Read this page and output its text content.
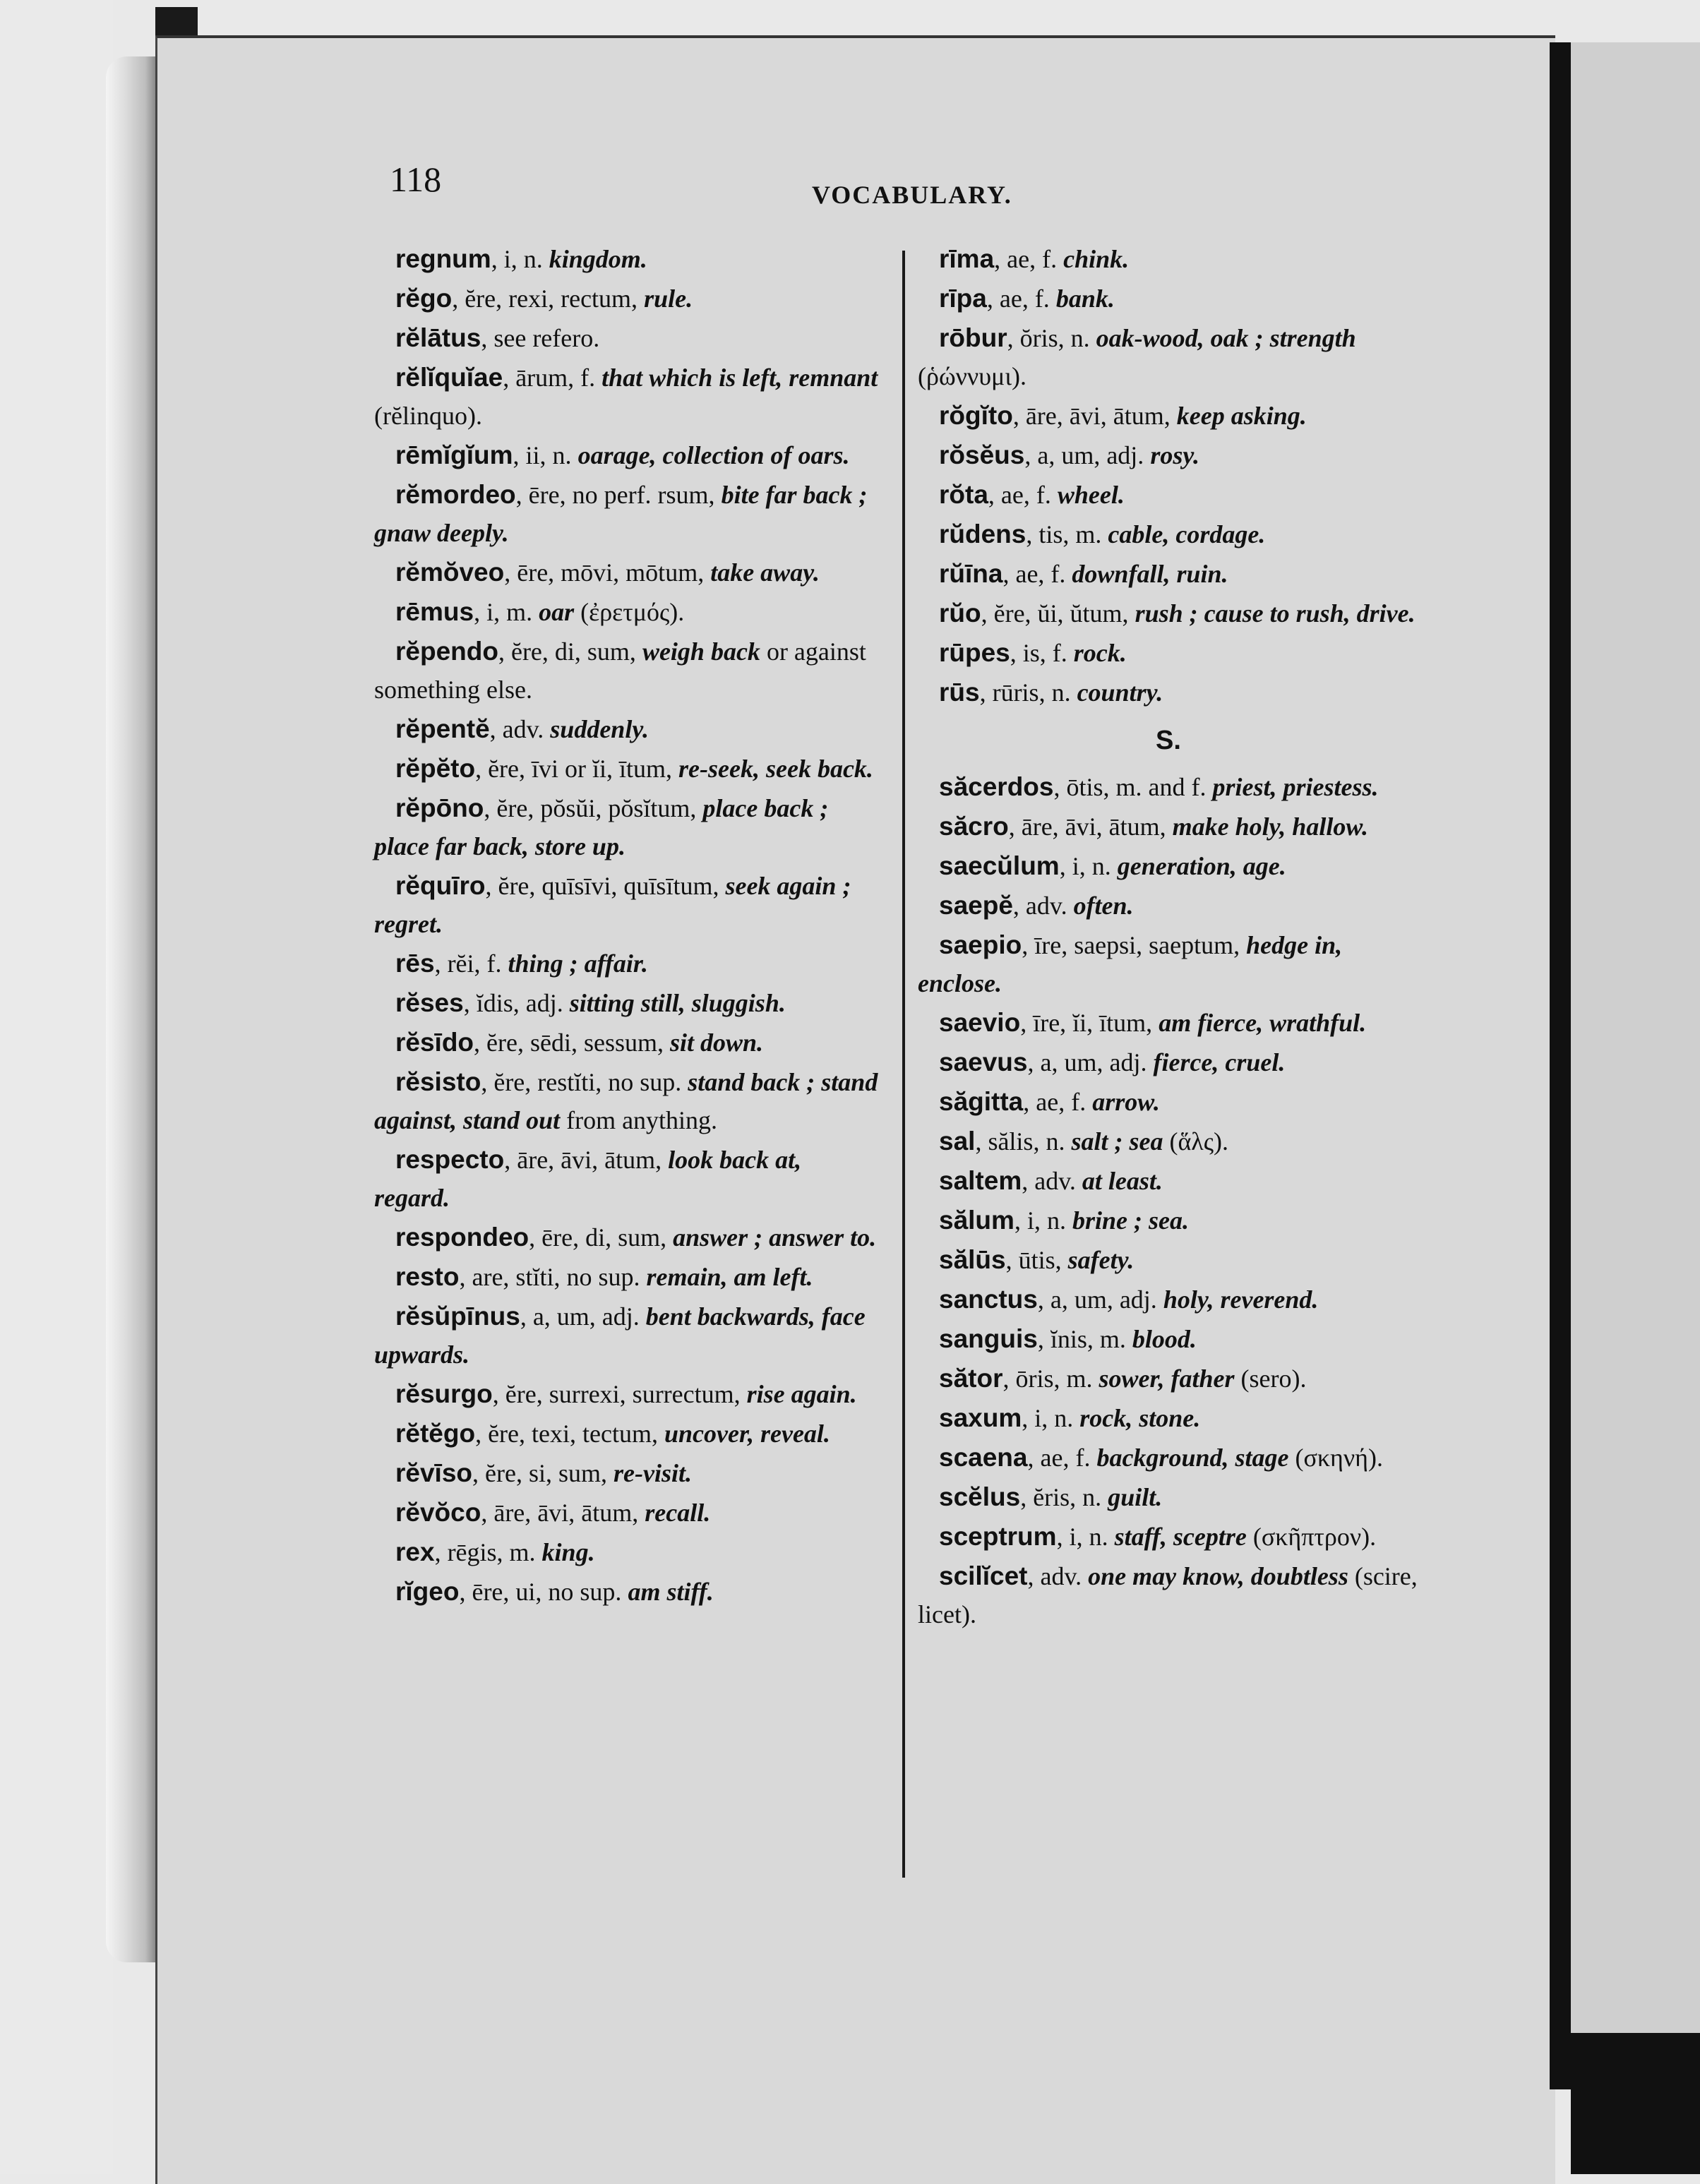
118	VOCABULARY.
regnum, i, n. kingdom.
rĕgo, ĕre, rexi, rectum, rule.
rĕlātus, see refero.
rĕlĭquĭae, ārum, f. that which is left, remnant (rĕlinquo).
rēmĭgĭum, ii, n. oarage, collection of oars.
rĕmordeo, ēre, no perf. rsum, bite far back ; gnaw deeply.
rĕmŏveo, ēre, mōvi, mōtum, take away.
rēmus, i, m. oar (ἐρετμός).
rĕpendo, ĕre, di, sum, weigh back or against something else.
rĕpentĕ, adv. suddenly.
rĕpĕto, ĕre, īvi or ĭi, ītum, re-seek, seek back.
rĕpōno, ĕre, pŏsŭi, pŏsĭtum, place back ; place far back, store up.
rĕquīro, ĕre, quīsīvi, quīsītum, seek again ; regret.
rēs, rĕi, f. thing ; affair.
rĕses, ĭdis, adj. sitting still, sluggish.
rĕsīdo, ĕre, sēdi, sessum, sit down.
rĕsisto, ĕre, restĭti, no sup. stand back ; stand against, stand out from anything.
respecto, āre, āvi, ātum, look back at, regard.
respondeo, ēre, di, sum, answer ; answer to.
resto, are, stĭti, no sup. remain, am left.
rĕsŭpīnus, a, um, adj. bent backwards, face upwards.
rĕsurgo, ĕre, surrexi, surrectum, rise again.
rĕtĕgo, ĕre, texi, tectum, uncover, reveal.
rĕvīso, ĕre, si, sum, re-visit.
rĕvŏco, āre, āvi, ātum, recall.
rex, rēgis, m. king.
rĭgeo, ēre, ui, no sup. am stiff.
rīma, ae, f. chink.
rīpa, ae, f. bank.
rōbur, ŏris, n. oak-wood, oak ; strength (ῥώννυμι).
rŏgĭto, āre, āvi, ātum, keep asking.
rŏsĕus, a, um, adj. rosy.
rŏta, ae, f. wheel.
rŭdens, tis, m. cable, cordage.
rŭīna, ae, f. downfall, ruin.
rŭo, ĕre, ŭi, ŭtum, rush ; cause to rush, drive.
rūpes, is, f. rock.
rūs, rūris, n. country.
S.
săcerdos, ōtis, m. and f. priest, priestess.
săcro, āre, āvi, ātum, make holy, hallow.
saecŭlum, i, n. generation, age.
saepĕ, adv. often.
saepio, īre, saepsi, saeptum, hedge in, enclose.
saevio, īre, ĭi, ītum, am fierce, wrathful.
saevus, a, um, adj. fierce, cruel.
săgitta, ae, f. arrow.
sal, sălis, n. salt ; sea (ἅλς).
saltem, adv. at least.
sălum, i, n. brine ; sea.
sălūs, ūtis, safety.
sanctus, a, um, adj. holy, reverend.
sanguis, ĭnis, m. blood.
sător, ōris, m. sower, father (sero).
saxum, i, n. rock, stone.
scaena, ae, f. background, stage (σκηνή).
scĕlus, ĕris, n. guilt.
sceptrum, i, n. staff, sceptre (σκῆπτρον).
scilĭcet, adv. one may know, doubtless (scire, licet).
